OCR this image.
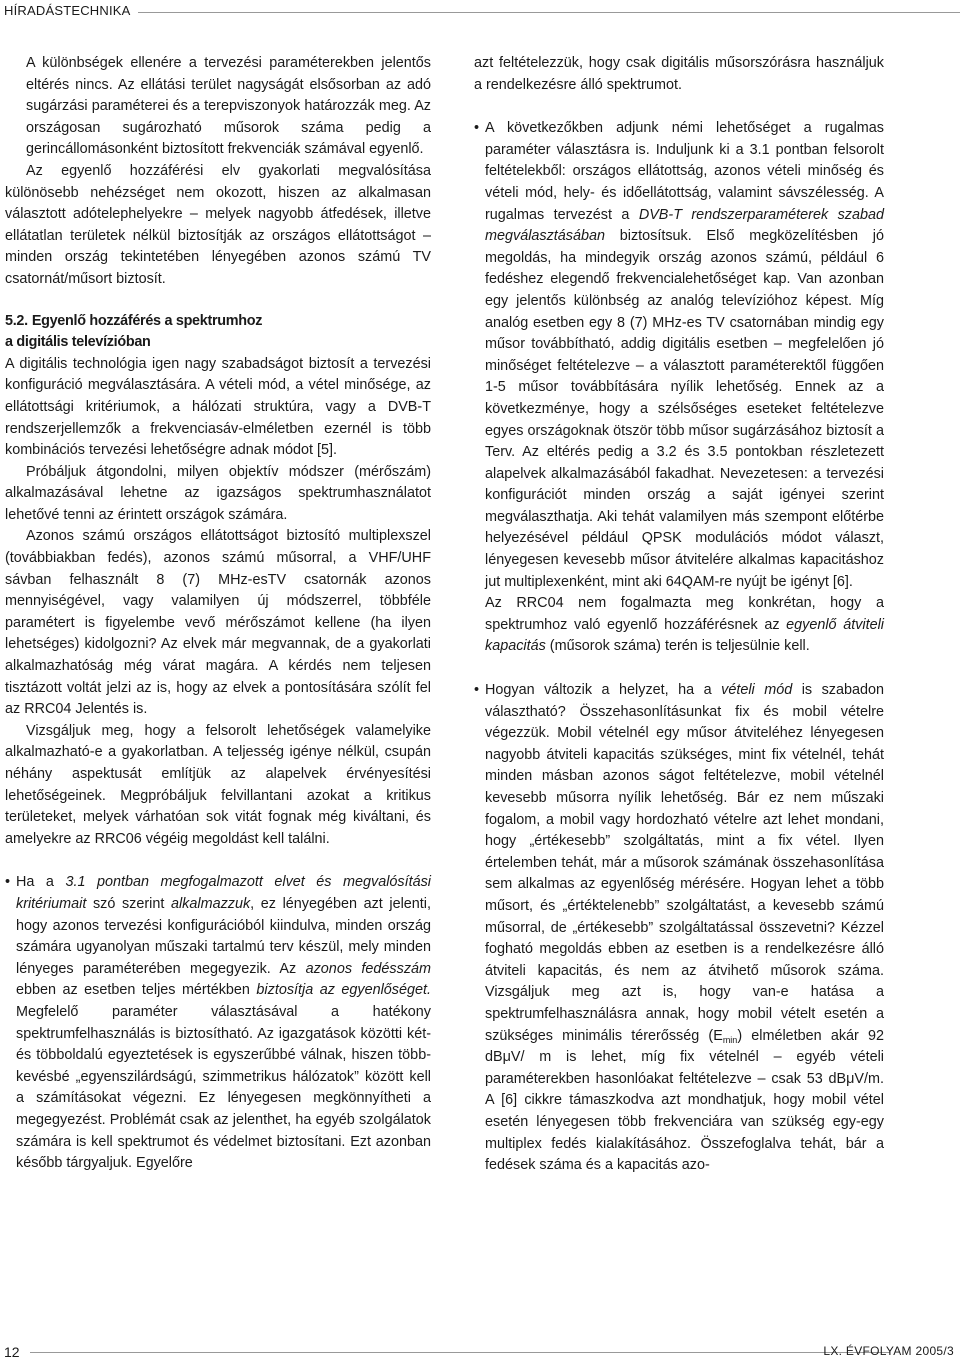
HÍRADÁSTECHNIKA

A különbségek ellenére a tervezési paraméterekben jelentős eltérés nincs. Az ellátási terület nagyságát elsősorban az adó sugárzási paraméterei és a terepviszonyok határozzák meg. Az országosan sugározható műsorok száma pedig a gerincállomásonként biztosított frekvenciák számával egyenlő.

Az egyenlő hozzáférési elv gyakorlati megvalósítása különösebb nehézséget nem okozott, hiszen az alkalmasan választott adótelephelyekre – melyek nagyobb átfedések, illetve ellátatlan területek nélkül biztosítják az országos ellátottságot – minden ország tekintetében lényegében azonos számú TV csatornát/műsort biztosít.

5.2. Egyenlő hozzáférés a spektrumhoz
a digitális televízióban

A digitális technológia igen nagy szabadságot biztosít a tervezési konfiguráció megválasztására. A vételi mód, a vétel minősége, az ellátottsági kritériumok, a hálózati struktúra, vagy a DVB-T rendszerjellemzők a frekvenciasáv-elméletben ezernél is több kombinációs tervezési lehetőségre adnak módot [5].

Próbáljuk átgondolni, milyen objektív módszer (mérőszám) alkalmazásával lehetne az igazságos spektrumhasználatot lehetővé tenni az érintett országok számára.

Azonos számú országos ellátottságot biztosító multiplexszel (továbbiakban fedés), azonos számú műsorral, a VHF/UHF sávban felhasznált 8 (7) MHz-esTV csatornák azonos mennyiségével, vagy valamilyen új módszerrel, többféle paramétert is figyelembe vevő mérőszámot kellene (ha ilyen lehetséges) kidolgozni? Az elvek már megvannak, de a gyakorlati alkalmazhatóság még várat magára. A kérdés nem teljesen tisztázott voltát jelzi az is, hogy az elvek a pontosítására szólít fel az RRC04 Jelentés is.

Vizsgáljuk meg, hogy a felsorolt lehetőségek valamelyike alkalmazható-e a gyakorlatban. A teljesség igénye nélkül, csupán néhány aspektusát említjük az alapelvek érvényesítési lehetőségeinek. Megpróbáljuk felvillantani azokat a kritikus területeket, melyek várhatóan sok vitát fognak még kiváltani, és amelyekre az RRC06 végéig megoldást kell találni.

• Ha a 3.1 pontban megfogalmazott elvet és megvalósítási kritériumait szó szerint alkalmazzuk, ez lényegében azt jelenti, hogy azonos tervezési konfigurációból kiindulva, minden ország számára ugyanolyan műszaki tartalmú terv készül, mely minden lényeges paraméterében megegyezik. Az azonos fedésszám ebben az esetben teljes mértékben biztosítja az egyenlőséget. Megfelelő paraméter választásával a hatékony spektrumfelhasználás is biztosítható. Az igazgatások közötti két- és többoldalú egyeztetések is egyszerűbbé válnak, hiszen több-kevésbé „egyenszilárdságú, szimmetrikus hálózatok” között kell a számításokat végezni. Ez lényegesen megkönnyítheti a megegyezést. Problémát csak az jelenthet, ha egyéb szolgálatok számára is kell spektrumot és védelmet biztosítani. Ezt azonban később tárgyaljuk. Egyelőre

azt feltételezzük, hogy csak digitális műsorszórásra használjuk a rendelkezésre álló spektrumot.

• A következőkben adjunk némi lehetőséget a rugalmas paraméter választásra is. Induljunk ki a 3.1 pontban felsorolt feltételekből: országos ellátottság, azonos vételi minőség és vételi mód, hely- és időellátottság, valamint sávszélesség. A rugalmas tervezést a DVB-T rendszerparaméterek szabad megválasztásában biztosítsuk. Első megközelítésben jó megoldás, ha mindegyik ország azonos számú, például 6 fedéshez elegendő frekvencialehetőséget kap. Van azonban egy jelentős különbség az analóg televízióhoz képest. Míg analóg esetben egy 8 (7) MHz-es TV csatornában mindig egy műsor továbbítható, addig digitális esetben – megfelelően jó minőséget feltételezve – a választott paraméterektől függően 1-5 műsor továbbítására nyílik lehetőség. Ennek az a következménye, hogy a szélsőséges eseteket feltételezve egyes országoknak ötször több műsor sugárzásához biztosít a Terv. Az eltérés pedig a 3.2 és 3.5 pontokban részletezett alapelvek alkalmazásából fakadhat. Nevezetesen: a tervezési konfigurációt minden ország a saját igényei szerint megválaszthatja. Aki tehát valamilyen más szempont előtérbe helyezésével például QPSK modulációs módot választ, lényegesen kevesebb műsor átvitelére alkalmas kapacitáshoz jut multiplexenként, mint aki 64QAM-re nyújt be igényt [6].

Az RRC04 nem fogalmazta meg konkrétan, hogy a spektrumhoz való egyenlő hozzáférésnek az egyenlő átviteli kapacitás (műsorok száma) terén is teljesülnie kell.

• Hogyan változik a helyzet, ha a vételi mód is szabadon választható? Összehasonlításunkat fix és mobil vételre végezzük. Mobil vételnél egy műsor átviteléhez lényegesen nagyobb átviteli kapacitás szükséges, mint fix vételnél, tehát minden másban azonos ságot feltételezve, mobil vételnél kevesebb műsorra nyílik lehetőség. Bár ez nem műszaki fogalom, a mobil vagy hordozható vételre azt lehet mondani, hogy „értékesebb” szolgáltatás, mint a fix vétel. Ilyen értelemben tehát, már a műsorok számának összehasonlítása sem alkalmas az egyenlőség mérésére. Hogyan lehet a több műsort, és „értéktelenebb” szolgáltatást, a kevesebb számú műsorral, de „értékesebb” szolgáltatással összevetni? Kézzel fogható megoldás ebben az esetben is a rendelkezésre álló átviteli kapacitás, és nem az átvihető műsorok száma. Vizsgáljuk meg azt is, hogy van-e hatása a spektrumfelhasználásra annak, hogy mobil vételt esetén a szükséges minimális térerősség $(E_{min})$ elméletben akár 92 dBμV/ m is lehet, míg fix vételnél – egyéb vételi paraméterekben hasonlóakat feltételezve – csak 53 dBμV/m. A [6] cikkre támaszkodva azt mondhatjuk, hogy mobil vétel esetén lényegesen több frekvenciára van szükség egy-egy multiplex fedés kialakításához. Összefoglalva tehát, bár a fedések száma és a kapacitás azo-

12	LX. ÉVFOLYAM 2005/3
